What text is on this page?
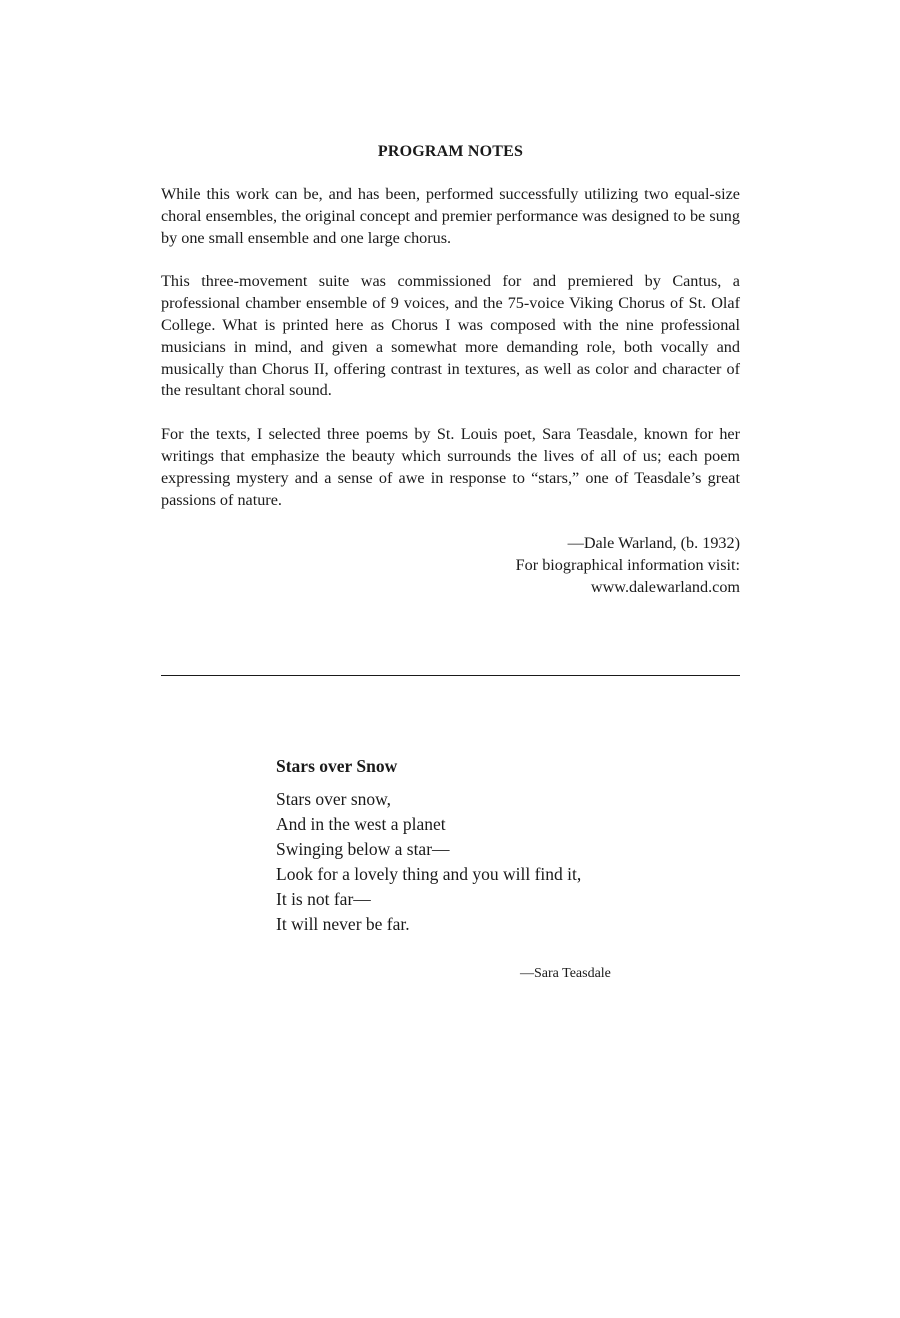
PROGRAM NOTES

While this work can be, and has been, performed successfully utilizing two equal-size choral ensembles, the original concept and premier performance was designed to be sung by one small ensemble and one large chorus.

This three-movement suite was commissioned for and premiered by Cantus, a professional chamber ensemble of 9 voices, and the 75-voice Viking Chorus of St. Olaf College. What is printed here as Chorus I was composed with the nine professional musicians in mind, and given a somewhat more demanding role, both vocally and musically than Chorus II, offering contrast in textures, as well as color and character of the resultant choral sound.

For the texts, I selected three poems by St. Louis poet, Sara Teasdale, known for her writings that emphasize the beauty which surrounds the lives of all of us; each poem expressing mystery and a sense of awe in response to “stars,” one of Teasdale’s great passions of nature.

—Dale Warland, (b. 1932)
For biographical information visit:
www.dalewarland.com
Stars over Snow
Stars over snow,
And in the west a planet
Swinging below a star—
Look for a lovely thing and you will find it,
It is not far—
It will never be far.
—Sara Teasdale
